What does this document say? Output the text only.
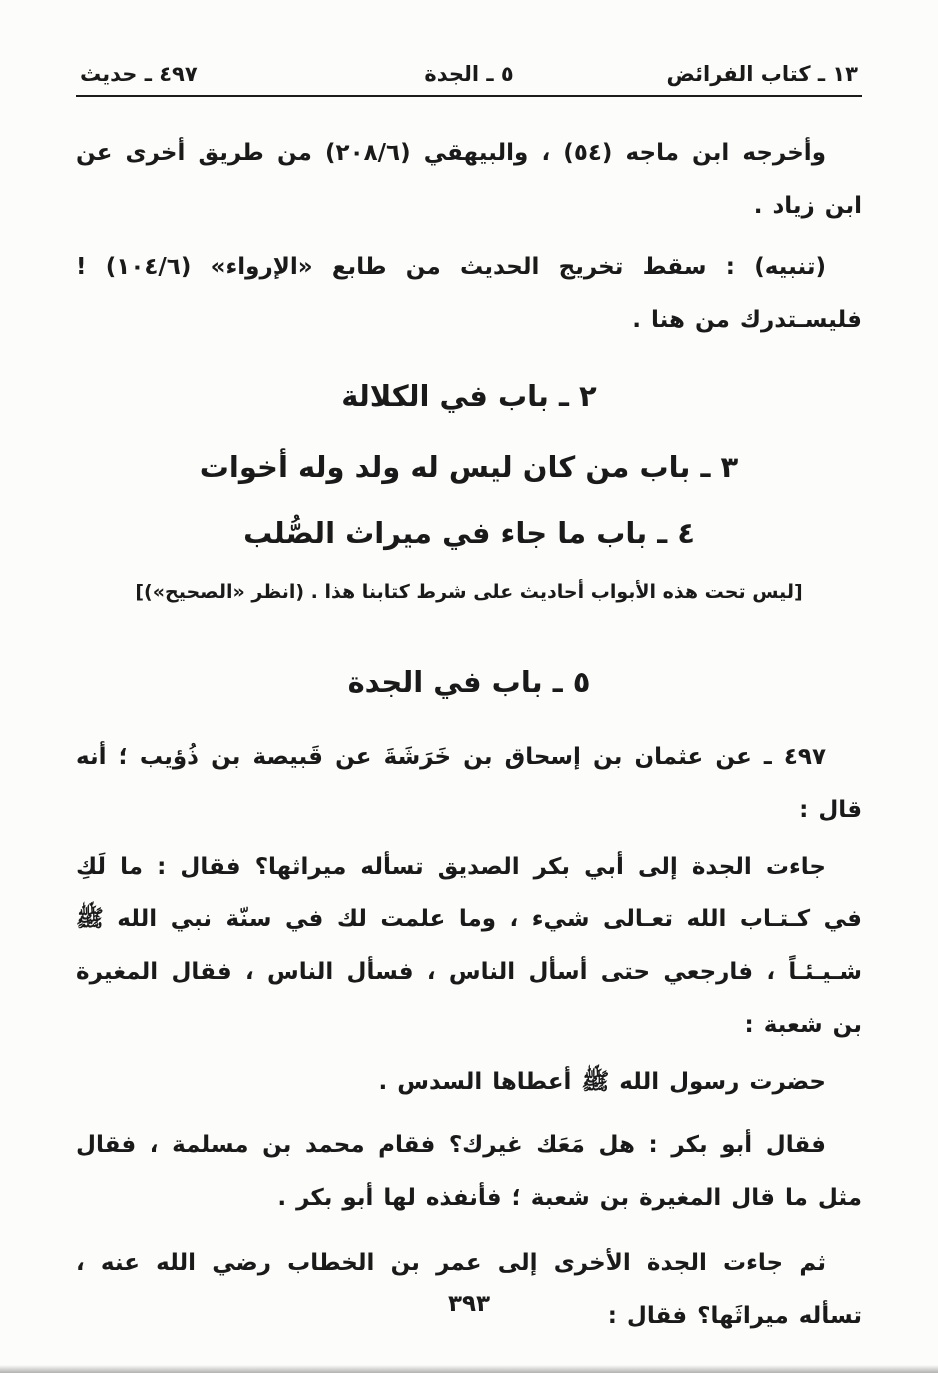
١٣ ـ كتاب الفرائض
٥ ـ الجدة
٤٩٧ ـ حديث

وأخرجه ابن ماجه (٥٤) ، والبيهقي (٢٠٨/٦) من طريق أخرى عن ابن زياد .

(تنبيه) : سقط تخريج الحديث من طابع «الإرواء» (١٠٤/٦) ! فليسـتدرك من هنا .

٢ ـ باب في الكلالة
٣ ـ باب من كان ليس له ولد وله أخوات
٤ ـ باب ما جاء في ميراث الصُّلب

[ليس تحت هذه الأبواب أحاديث على شرط كتابنا هذا . (انظر «الصحيح»)]

٥ ـ باب في الجدة

٤٩٧ ـ عن عثمان بن إسحاق بن خَرَشَةَ عن قَبيصة بن ذُؤيب ؛ أنه قال :

جاءت الجدة إلى أبي بكر الصديق تسأله ميراثها؟ فقال : ما لَكِ في كـتـاب الله تعـالى شيء ، وما علمت لك في سنّة نبي الله ﷺ شـيـئـاً ، فارجعي حتى أسأل الناس ، فسأل الناس ، فقال المغيرة بن شعبة :

حضرت رسول الله ﷺ أعطاها السدس .

فقال أبو بكر : هل مَعَك غيرك؟ فقام محمد بن مسلمة ، فقال مثل ما قال المغيرة بن شعبة ؛ فأنفذه لها أبو بكر .

ثم جاءت الجدة الأخرى إلى عمر بن الخطاب رضي الله عنه ، تسأله ميراثَها؟ فقال :

٣٩٣
